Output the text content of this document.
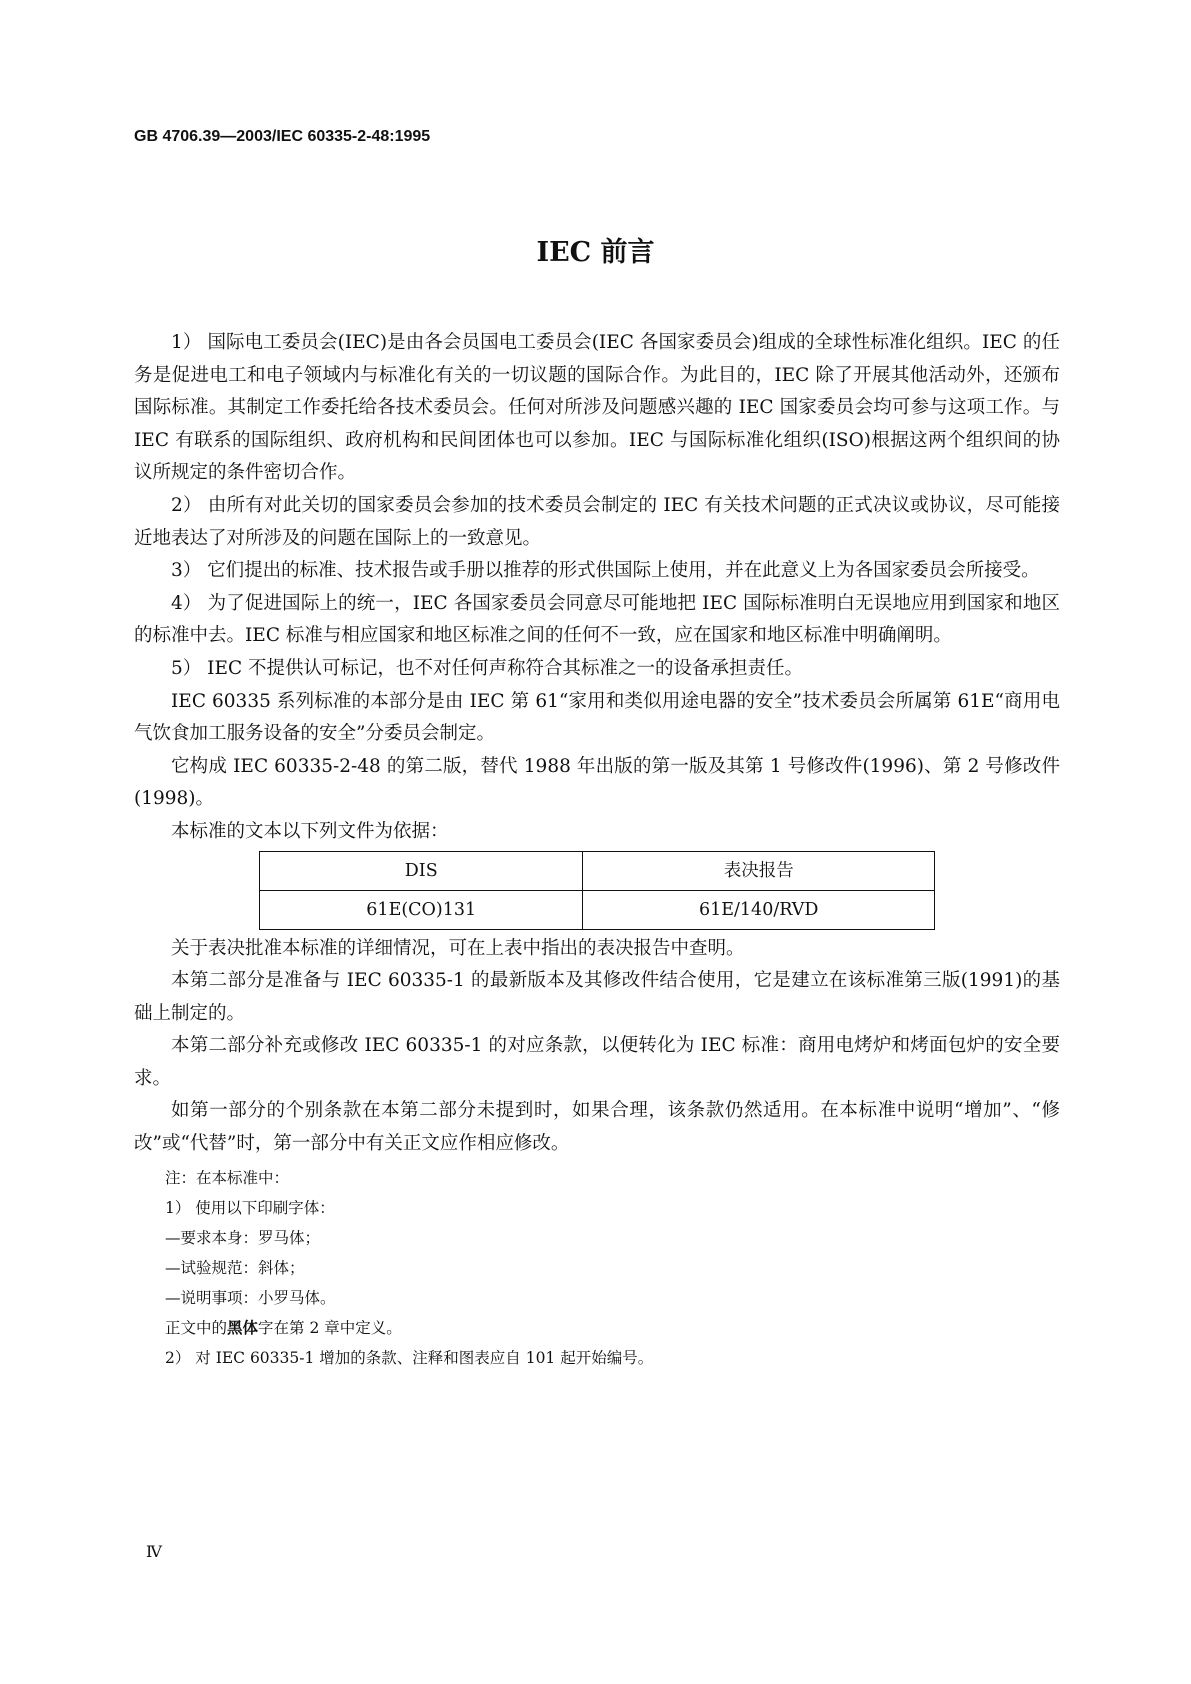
GB 4706.39—2003/IEC 60335-2-48:1995
IEC 前言

1） 国际电工委员会(IEC)是由各会员国电工委员会(IEC 各国家委员会)组成的全球性标准化组织。IEC 的任务是促进电工和电子领域内与标准化有关的一切议题的国际合作。为此目的，IEC 除了开展其他活动外，还颁布国际标准。其制定工作委托给各技术委员会。任何对所涉及问题感兴趣的 IEC 国家委员会均可参与这项工作。与 IEC 有联系的国际组织、政府机构和民间团体也可以参加。IEC 与国际标准化组织(ISO)根据这两个组织间的协议所规定的条件密切合作。

2） 由所有对此关切的国家委员会参加的技术委员会制定的 IEC 有关技术问题的正式决议或协议，尽可能接近地表达了对所涉及的问题在国际上的一致意见。

3） 它们提出的标准、技术报告或手册以推荐的形式供国际上使用，并在此意义上为各国家委员会所接受。

4） 为了促进国际上的统一，IEC 各国家委员会同意尽可能地把 IEC 国际标准明白无误地应用到国家和地区的标准中去。IEC 标准与相应国家和地区标准之间的任何不一致，应在国家和地区标准中明确阐明。

5） IEC 不提供认可标记，也不对任何声称符合其标准之一的设备承担责任。

IEC 60335 系列标准的本部分是由 IEC 第 61“家用和类似用途电器的安全”技术委员会所属第 61E“商用电气饮食加工服务设备的安全”分委员会制定。

它构成 IEC 60335-2-48 的第二版，替代 1988 年出版的第一版及其第 1 号修改件(1996)、第 2 号修改件(1998)。

本标准的文本以下列文件为依据：

DIS	表决报告
61E(CO)131	61E/140/RVD

关于表决批准本标准的详细情况，可在上表中指出的表决报告中查明。

本第二部分是准备与 IEC 60335-1 的最新版本及其修改件结合使用，它是建立在该标准第三版(1991)的基础上制定的。

本第二部分补充或修改 IEC 60335-1 的对应条款，以便转化为 IEC 标准：商用电烤炉和烤面包炉的安全要求。

如第一部分的个别条款在本第二部分未提到时，如果合理，该条款仍然适用。在本标准中说明“增加”、“修改”或“代替”时，第一部分中有关正文应作相应修改。

注：在本标准中：
1） 使用以下印刷字体：
—要求本身：罗马体；
—试验规范：斜体；
—说明事项：小罗马体。
正文中的黑体字在第 2 章中定义。
2） 对 IEC 60335-1 增加的条款、注释和图表应自 101 起开始编号。
Ⅳ
